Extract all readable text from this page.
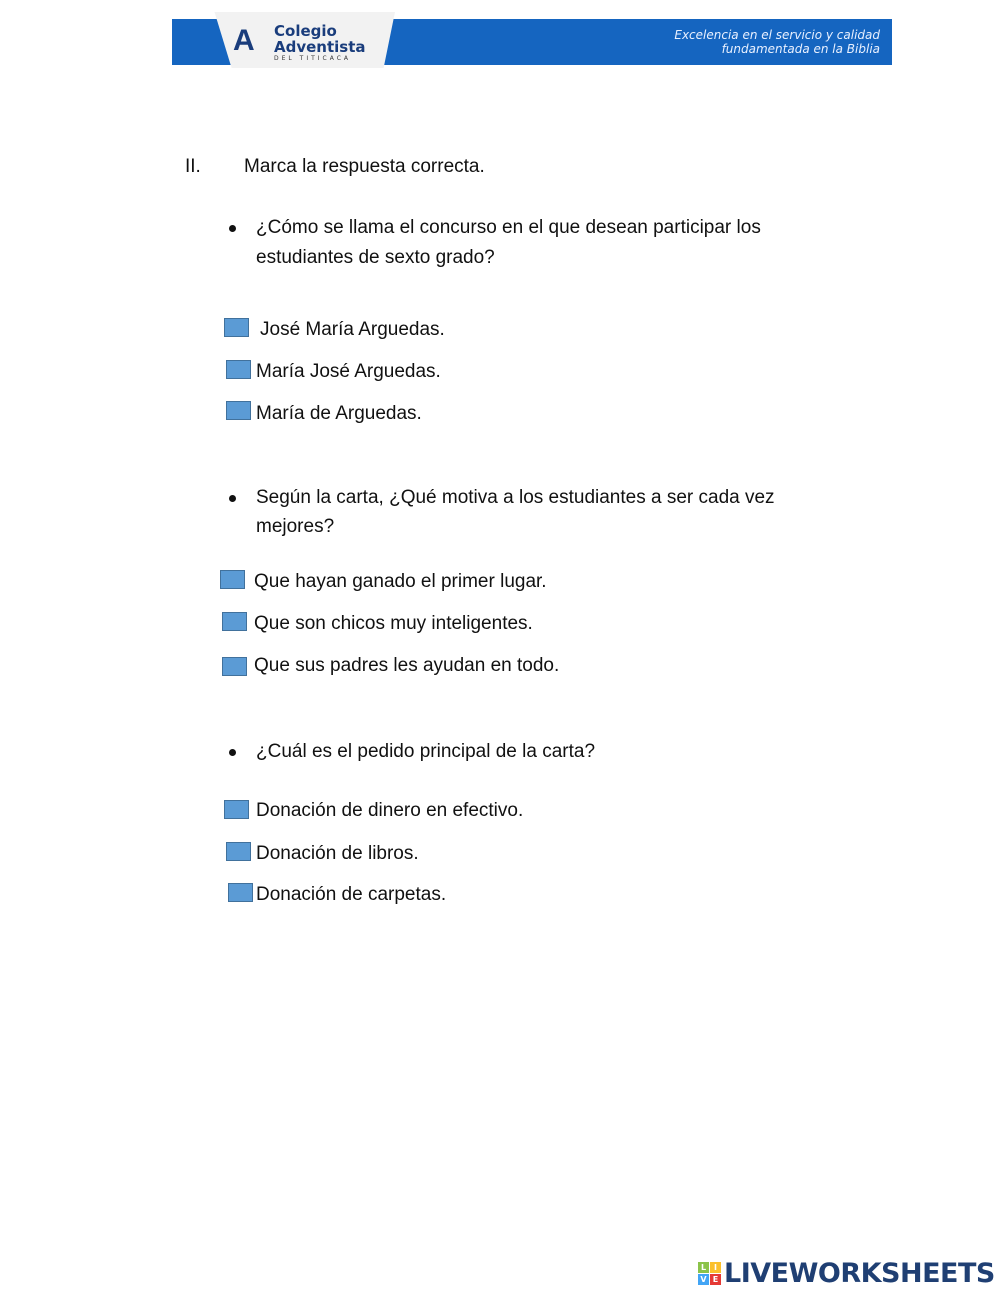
A Colegio
Adventista
DEL TITICACA
Excelencia en el servicio y calidad
fundamentada en la Biblia
II. Marca la respuesta correcta.
¿Cómo se llama el concurso en el que desean participar los
estudiantes de sexto grado?
José María Arguedas.
María José Arguedas.
María de Arguedas.
Según la carta, ¿Qué motiva a los estudiantes a ser cada vez
mejores?
Que hayan ganado el primer lugar.
Que son chicos muy inteligentes.
Que sus padres les ayudan en todo.
¿Cuál es el pedido principal de la carta?
Donación de dinero en efectivo.
Donación de libros.
Donación de carpetas.
L I
V E LIVEWORKSHEETS
